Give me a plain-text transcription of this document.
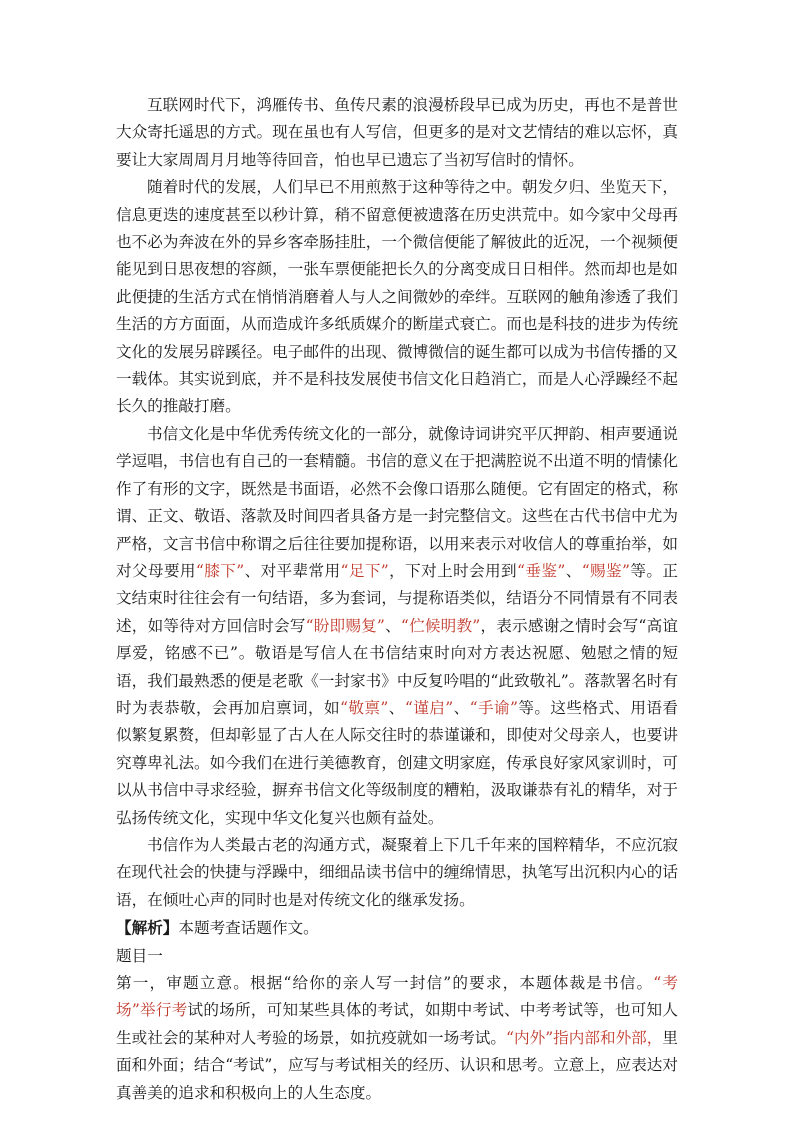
互联网时代下，鸿雁传书、鱼传尺素的浪漫桥段早已成为历史，再也不是普世大众寄托遥思的方式。现在虽也有人写信，但更多的是对文艺情结的难以忘怀，真要让大家周周月月地等待回音，怕也早已遗忘了当初写信时的情怀。

随着时代的发展，人们早已不用煎熬于这种等待之中。朝发夕归、坐览天下，信息更迭的速度甚至以秒计算，稍不留意便被遗落在历史洪荒中。如今家中父母再也不必为奔波在外的异乡客牵肠挂肚，一个微信便能了解彼此的近况，一个视频便能见到日思夜想的容颜，一张车票便能把长久的分离变成日日相伴。然而却也是如此便捷的生活方式在悄悄消磨着人与人之间微妙的牵绊。互联网的触角渗透了我们生活的方方面面，从而造成许多纸质媒介的断崖式衰亡。而也是科技的进步为传统文化的发展另辟蹊径。电子邮件的出现、微博微信的诞生都可以成为书信传播的又一载体。其实说到底，并不是科技发展使书信文化日趋消亡，而是人心浮躁经不起长久的推敲打磨。

书信文化是中华优秀传统文化的一部分，就像诗词讲究平仄押韵、相声要通说学逗唱，书信也有自己的一套精髓。书信的意义在于把满腔说不出道不明的情愫化作了有形的文字，既然是书面语，必然不会像口语那么随便。它有固定的格式，称谓、正文、敬语、落款及时间四者具备方是一封完整信文。这些在古代书信中尤为严格，文言书信中称谓之后往往要加提称语，以用来表示对收信人的尊重抬举，如对父母要用“膝下”、对平辈常用“足下”，下对上时会用到“垂鉴”、“赐鉴”等。正文结束时往往会有一句结语，多为套词，与提称语类似，结语分不同情景有不同表述，如等待对方回信时会写“盼即赐复”、“伫候明教”，表示感谢之情时会写“高谊厚爱，铭感不已”。敬语是写信人在书信结束时向对方表达祝愿、勉慰之情的短语，我们最熟悉的便是老歌《一封家书》中反复吟唱的“此致敬礼”。落款署名时有时为表恭敬，会再加启禀词，如“敬禀”、“谨启”、“手谕”等。这些格式、用语看似繁复累赘，但却彰显了古人在人际交往时的恭谨谦和，即使对父母亲人，也要讲究尊卑礼法。如今我们在进行美德教育，创建文明家庭，传承良好家风家训时，可以从书信中寻求经验，摒弃书信文化等级制度的糟粕，汲取谦恭有礼的精华，对于弘扬传统文化，实现中华文化复兴也颇有益处。

书信作为人类最古老的沟通方式，凝聚着上下几千年来的国粹精华，不应沉寂在现代社会的快捷与浮躁中，细细品读书信中的缠绵情思，执笔写出沉积内心的话语，在倾吐心声的同时也是对传统文化的继承发扬。

【解析】本题考查话题作文。

题目一

第一，审题立意。根据“给你的亲人写一封信”的要求，本题体裁是书信。“考场”举行考试的场所，可知某些具体的考试，如期中考试、中考考试等，也可知人生或社会的某种对人考验的场景，如抗疫就如一场考试。“内外”指内部和外部，里面和外面；结合“考试”，应写与考试相关的经历、认识和思考。立意上，应表达对真善美的追求和积极向上的人生态度。
